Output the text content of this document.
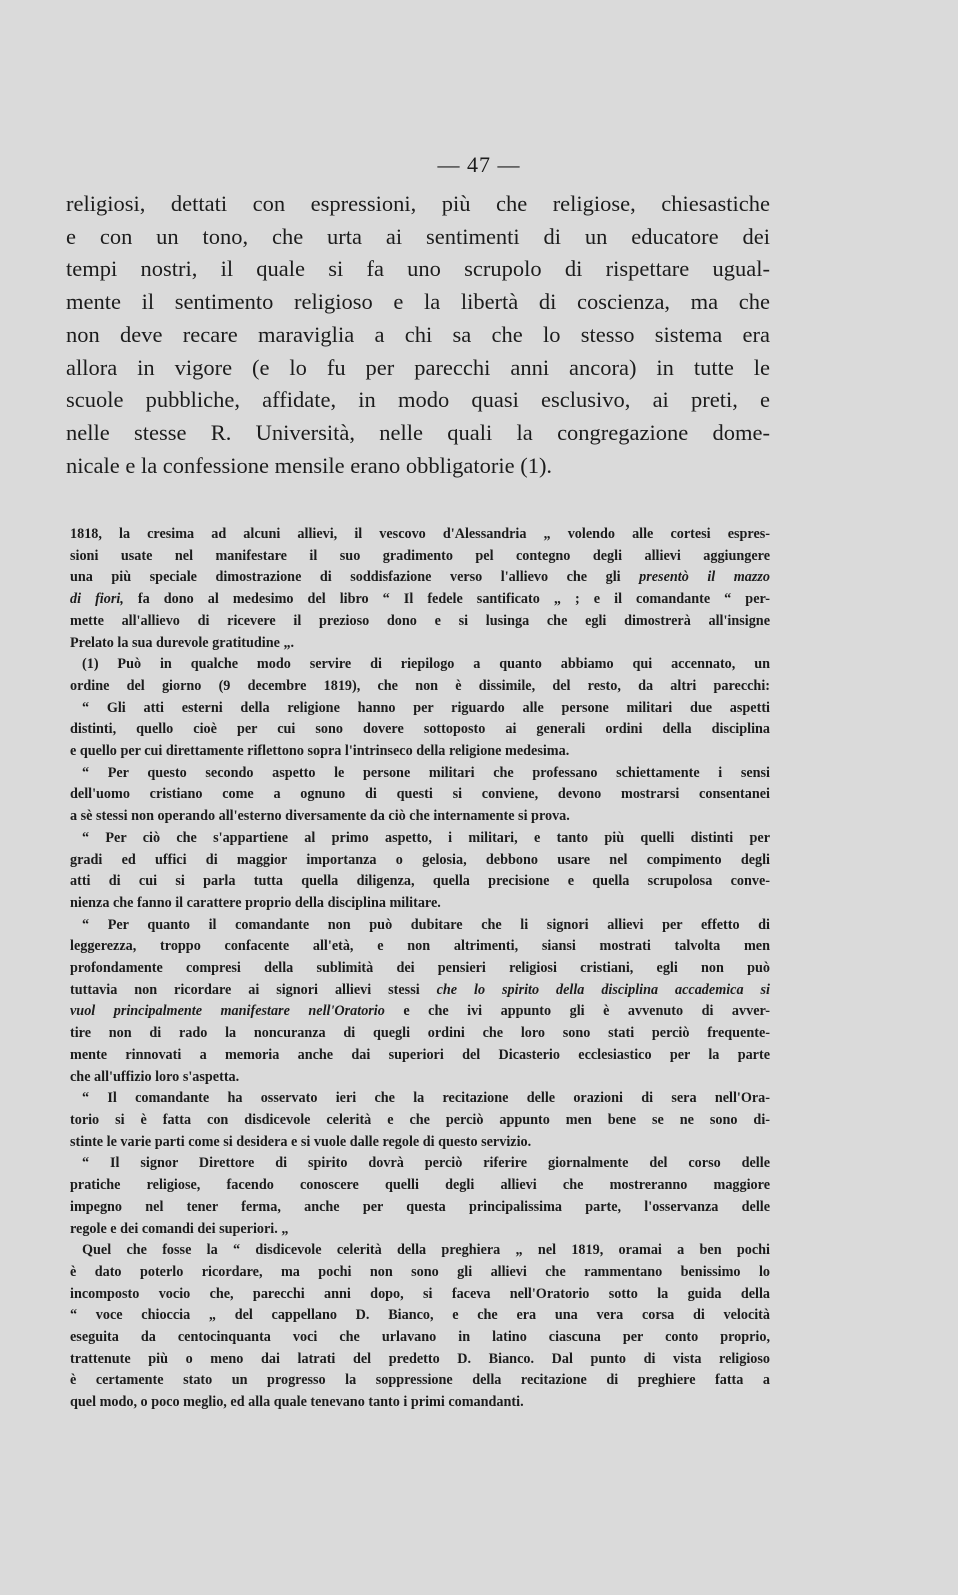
— 47 —

religiosi, dettati con espressioni, più che religiose, chiesastiche
e con un tono, che urta ai sentimenti di un educatore dei
tempi nostri, il quale si fa uno scrupolo di rispettare ugual-
mente il sentimento religioso e la libertà di coscienza, ma che
non deve recare maraviglia a chi sa che lo stesso sistema era
allora in vigore (e lo fu per parecchi anni ancora) in tutte le
scuole pubbliche, affidate, in modo quasi esclusivo, ai preti, e
nelle stesse R. Università, nelle quali la congregazione dome-
nicale e la confessione mensile erano obbligatorie (1).

1818, la cresima ad alcuni allievi, il vescovo d'Alessandria „ volendo alle cortesi espres-
sioni usate nel manifestare il suo gradimento pel contegno degli allievi aggiungere
una più speciale dimostrazione di soddisfazione verso l'allievo che gli presentò il mazzo
di fiori, fa dono al medesimo del libro “ Il fedele santificato „ ; e il comandante “ per-
mette all'allievo di ricevere il prezioso dono e si lusinga che egli dimostrerà all'insigne
Prelato la sua durevole gratitudine „.
(1) Può in qualche modo servire di riepilogo a quanto abbiamo qui accennato, un
ordine del giorno (9 decembre 1819), che non è dissimile, del resto, da altri parecchi:
“ Gli atti esterni della religione hanno per riguardo alle persone militari due aspetti
distinti, quello cioè per cui sono dovere sottoposto ai generali ordini della disciplina
e quello per cui direttamente riflettono sopra l'intrinseco della religione medesima.
“ Per questo secondo aspetto le persone militari che professano schiettamente i sensi
dell'uomo cristiano come a ognuno di questi si conviene, devono mostrarsi consentanei
a sè stessi non operando all'esterno diversamente da ciò che internamente si prova.
“ Per ciò che s'appartiene al primo aspetto, i militari, e tanto più quelli distinti per
gradi ed uffici di maggior importanza o gelosia, debbono usare nel compimento degli
atti di cui si parla tutta quella diligenza, quella precisione e quella scrupolosa conve-
nienza che fanno il carattere proprio della disciplina militare.
“ Per quanto il comandante non può dubitare che li signori allievi per effetto di
leggerezza, troppo confacente all'età, e non altrimenti, siansi mostrati talvolta men
profondamente compresi della sublimità dei pensieri religiosi cristiani, egli non può
tuttavia non ricordare ai signori allievi stessi che lo spirito della disciplina accademica si
vuol principalmente manifestare nell'Oratorio e che ivi appunto gli è avvenuto di avver-
tire non di rado la noncuranza di quegli ordini che loro sono stati perciò frequente-
mente rinnovati a memoria anche dai superiori del Dicasterio ecclesiastico per la parte
che all'uffizio loro s'aspetta.
“ Il comandante ha osservato ieri che la recitazione delle orazioni di sera nell'Ora-
torio si è fatta con disdicevole celerità e che perciò appunto men bene se ne sono di-
stinte le varie parti come si desidera e si vuole dalle regole di questo servizio.
“ Il signor Direttore di spirito dovrà perciò riferire giornalmente del corso delle
pratiche religiose, facendo conoscere quelli degli allievi che mostreranno maggiore
impegno nel tener ferma, anche per questa principalissima parte, l'osservanza delle
regole e dei comandi dei superiori. „
Quel che fosse la “ disdicevole celerità della preghiera „ nel 1819, oramai a ben pochi
è dato poterlo ricordare, ma pochi non sono gli allievi che rammentano benissimo lo
incomposto vocio che, parecchi anni dopo, si faceva nell'Oratorio sotto la guida della
“ voce chioccia „ del cappellano D. Bianco, e che era una vera corsa di velocità
eseguita da centocinquanta voci che urlavano in latino ciascuna per conto proprio,
trattenute più o meno dai latrati del predetto D. Bianco. Dal punto di vista religioso
è certamente stato un progresso la soppressione della recitazione di preghiere fatta a
quel modo, o poco meglio, ed alla quale tenevano tanto i primi comandanti.
